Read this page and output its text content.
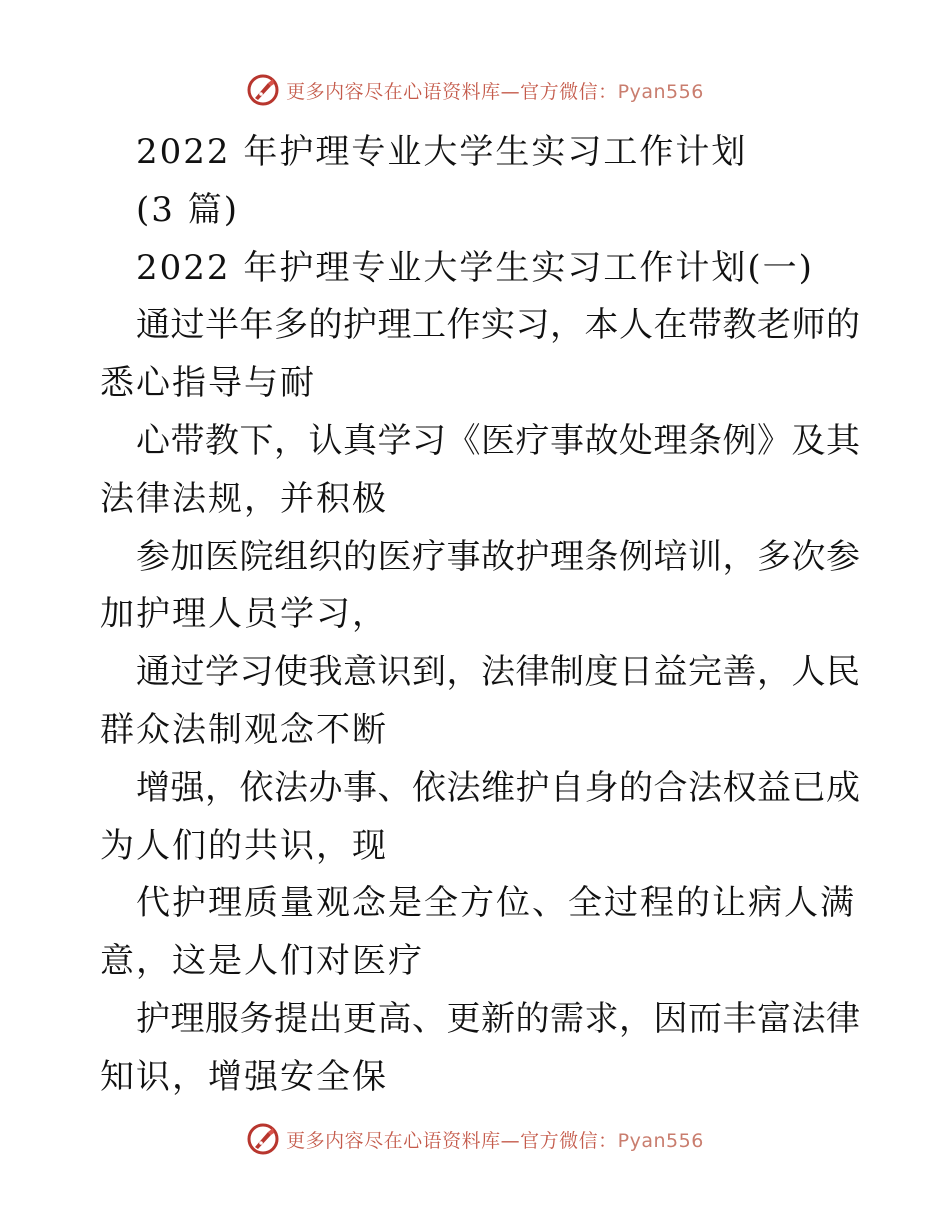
更多内容尽在心语资料库—官方微信：Pyan556
2022 年护理专业大学生实习工作计划
(3 篇)
2022 年护理专业大学生实习工作计划(一)
通过半年多的护理工作实习，本人在带教老师的
悉心指导与耐
心带教下，认真学习《医疗事故处理条例》及其
法律法规，并积极
参加医院组织的医疗事故护理条例培训，多次参
加护理人员学习，
通过学习使我意识到，法律制度日益完善，人民
群众法制观念不断
增强，依法办事、依法维护自身的合法权益已成
为人们的共识，现
代护理质量观念是全方位、全过程的让病人满
意，这是人们对医疗
护理服务提出更高、更新的需求，因而丰富法律
知识，增强安全保
更多内容尽在心语资料库—官方微信：Pyan556
